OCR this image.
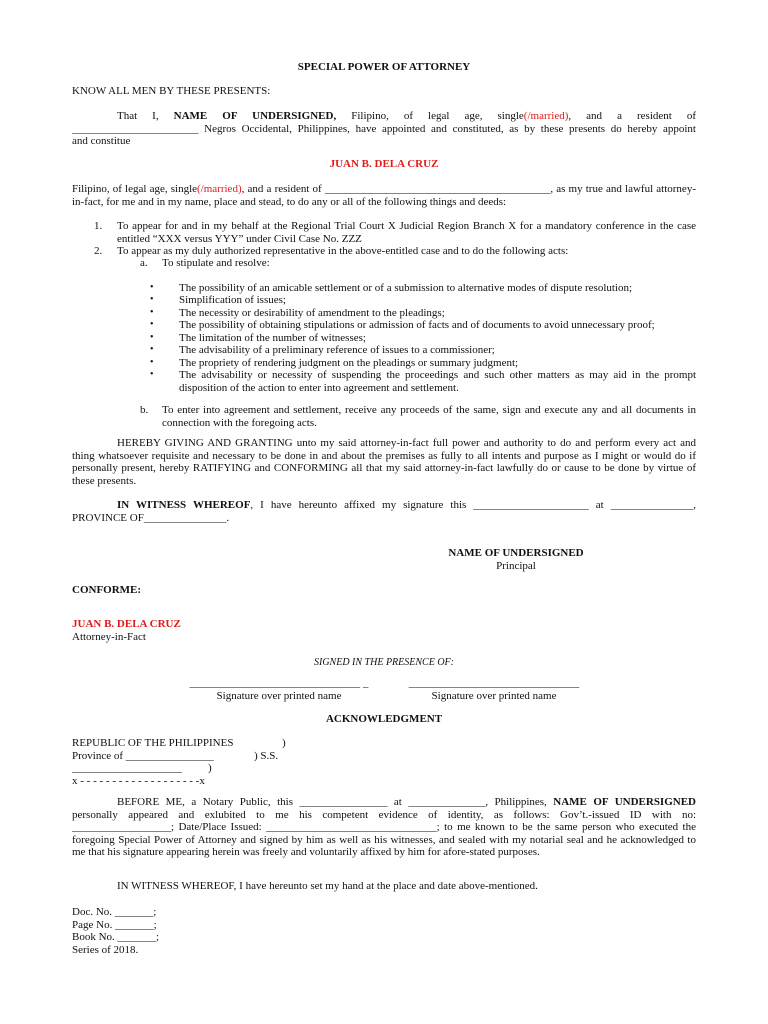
SPECIAL POWER OF ATTORNEY
KNOW ALL MEN BY THESE PRESENTS:

That I, NAME OF UNDERSIGNED, Filipino, of legal age, single(/married), and a resident of

_______________________ Negros Occidental, Philippines, have appointed and constituted, as by these presents do hereby appoint

and constitue

JUAN B. DELA CRUZ
Filipino, of legal age, single(/married), and a resident of _________________________________________, as my true and lawful attorney-in-fact, for me and in my name, place and stead, to do any or all of the following things and deeds:
1. To appear for and in my behalf at the Regional Trial Court X Judicial Region Branch X for a mandatory conference in the case entitled “XXX versus YYY” under Civil Case No. ZZZ
2. To appear as my duly authorized representative in the above-entitled case and to do the following acts:
a. To stipulate and resolve:
• The possibility of an amicable settlement or of a submission to alternative modes of dispute resolution;
• Simplification of issues;
• The necessity or desirability of amendment to the pleadings;
• The possibility of obtaining stipulations or admission of facts and of documents to avoid unnecessary proof;
• The limitation of the number of witnesses;
• The advisability of a preliminary reference of issues to a commissioner;
• The propriety of rendering judgment on the pleadings or summary judgment;
• The advisability or necessity of suspending the proceedings and such other matters as may aid in the prompt disposition of the action to enter into agreement and settlement.
b. To enter into agreement and settlement, receive any proceeds of the same, sign and execute any and all documents in connection with the foregoing acts.
HEREBY GIVING AND GRANTING unto my said attorney-in-fact full power and authority to do and perform every act and thing whatsoever requisite and necessary to be done in and about the premises as fully to all intents and purpose as I might or would do if personally present, hereby RATIFYING and CONFORMING all that my said attorney-in-fact lawfully do or cause to be done by virtue of these presents.

IN WITNESS WHEREOF, I have hereunto affixed my signature this _____________________ at _______________,

PROVINCE OF_______________.

NAME OF UNDERSIGNED
Principal
CONFORME:
JUAN B. DELA CRUZ
Attorney-in-Fact
SIGNED IN THE PRESENCE OF:
_______________________________ _
Signature over printed name
_______________________________
Signature over printed name
ACKNOWLEDGMENT
REPUBLIC OF THE PHILIPPINES	)
Province of ________________	) S.S.
____________________ )
x - - - - - - - - - - - - - - - - - - -x

BEFORE ME, a Notary Public, this ________________ at ______________, Philippines, NAME OF UNDERSIGNED

personally appeared and exlubited to me his competent evidence of identity, as follows: Gov’t.-issued ID with no:

__________________; Date/Place Issued: _______________________________; to me known to be the same person who executed the foregoing Special Power of Attorney and signed by him as well as his witnesses, and sealed with my notarial seal and he acknowledged to me that his signature appearing herein was freely and voluntarily affixed by him for afore-stated purposes.

IN WITNESS WHEREOF, I have hereunto set my hand at the place and date above-mentioned.
Doc. No. _______;
Page No. _______;
Book No. _______;
Series of 2018.
